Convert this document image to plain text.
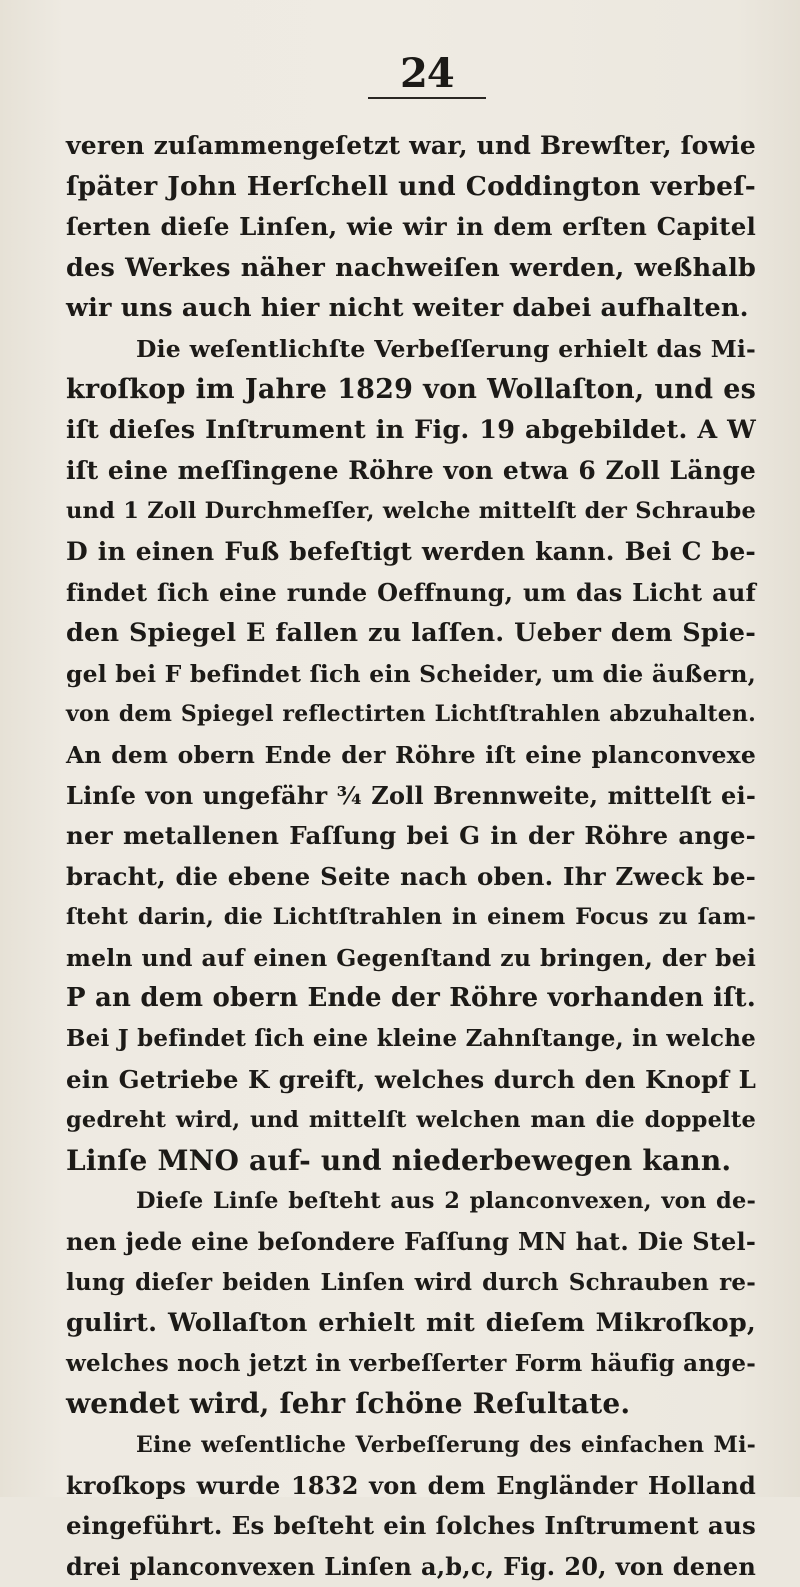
24
veren zuſammengeſetzt war, und Brewſter, ſowie
ſpäter John Herſchell und Coddington verbeſ-
ſerten dieſe Linſen, wie wir in dem erſten Capitel
des Werkes näher nachweiſen werden, weßhalb
wir uns auch hier nicht weiter dabei aufhalten.
Die weſentlichſte Verbeſſerung erhielt das Mi-
kroſkop im Jahre 1829 von Wollaſton, und es
iſt dieſes Inſtrument in Fig. 19 abgebildet. A W
iſt eine meſſingene Röhre von etwa 6 Zoll Länge
und 1 Zoll Durchmeſſer, welche mittelſt der Schraube
D in einen Fuß befeſtigt werden kann. Bei C be-
findet ſich eine runde Oeffnung, um das Licht auf
den Spiegel E fallen zu laſſen. Ueber dem Spie-
gel bei F befindet ſich ein Scheider, um die äußern,
von dem Spiegel reflectirten Lichtſtrahlen abzuhalten.
An dem obern Ende der Röhre iſt eine planconvexe
Linſe von ungefähr ¾ Zoll Brennweite, mittelſt ei-
ner metallenen Faſſung bei G in der Röhre ange-
bracht, die ebene Seite nach oben. Ihr Zweck be-
ſteht darin, die Lichtſtrahlen in einem Focus zu ſam-
meln und auf einen Gegenſtand zu bringen, der bei
P an dem obern Ende der Röhre vorhanden iſt.
Bei J befindet ſich eine kleine Zahnſtange, in welche
ein Getriebe K greift, welches durch den Knopf L
gedreht wird, und mittelſt welchen man die doppelte
Linſe MNO auf- und niederbewegen kann.
Dieſe Linſe beſteht aus 2 planconvexen, von de-
nen jede eine beſondere Faſſung MN hat. Die Stel-
lung dieſer beiden Linſen wird durch Schrauben re-
gulirt. Wollaſton erhielt mit dieſem Mikroſkop,
welches noch jetzt in verbeſſerter Form häufig ange-
wendet wird, ſehr ſchöne Reſultate.
Eine weſentliche Verbeſſerung des einfachen Mi-
kroſkops wurde 1832 von dem Engländer Holland
eingeführt. Es beſteht ein ſolches Inſtrument aus
drei planconvexen Linſen a,b,c, Fig. 20, von denen
